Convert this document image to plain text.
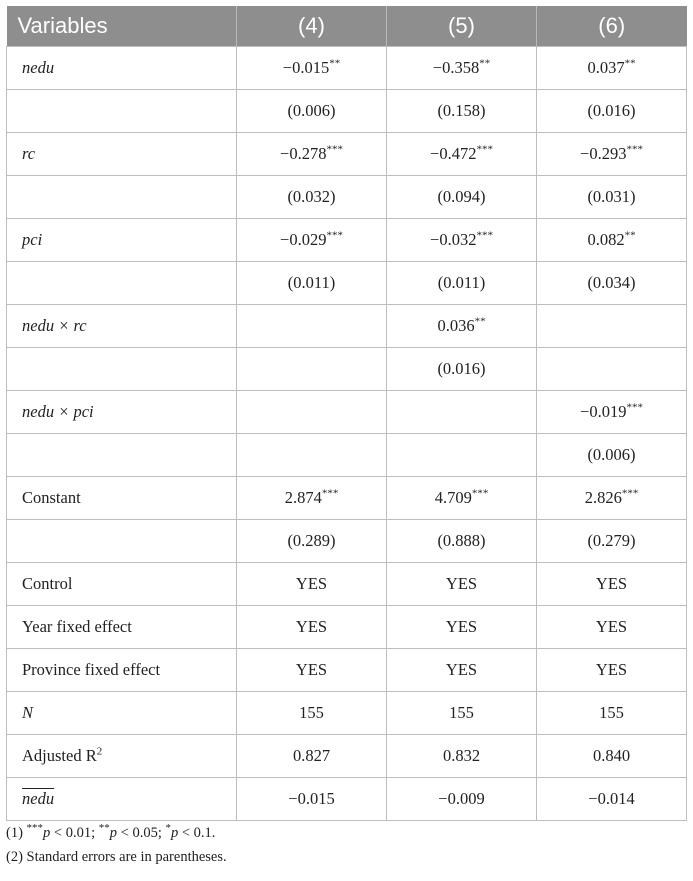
Variables	(4)	(5)	(6)
nedu	−0.015**	−0.358**	0.037**
	(0.006)	(0.158)	(0.016)
rc	−0.278***	−0.472***	−0.293***
	(0.032)	(0.094)	(0.031)
pci	−0.029***	−0.032***	0.082**
	(0.011)	(0.011)	(0.034)
nedu × rc		0.036**	
		(0.016)	
nedu × pci			−0.019***
			(0.006)
Constant	2.874***	4.709***	2.826***
	(0.289)	(0.888)	(0.279)
Control	YES	YES	YES
Year fixed effect	YES	YES	YES
Province fixed effect	YES	YES	YES
N	155	155	155
Adjusted $R^2$	0.827	0.832	0.840
nedu	−0.015	−0.009	−0.014
(1) ***p < 0.01; **p < 0.05; *p < 0.1.
(2) Standard errors are in parentheses.
